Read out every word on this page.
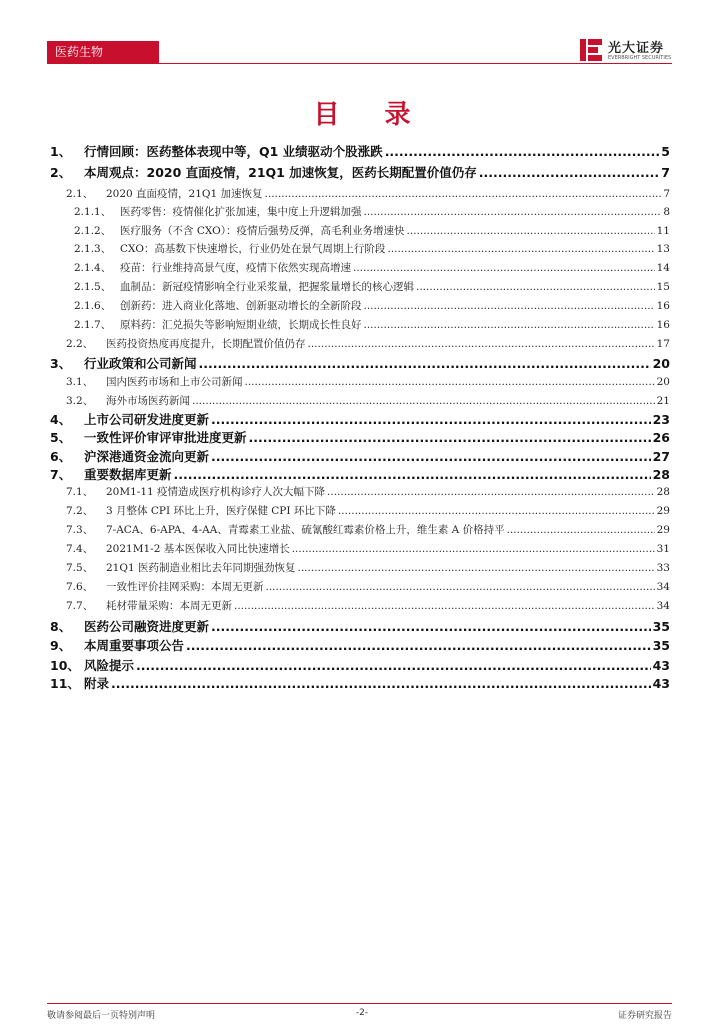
医药生物	光大证券
EVERBRIGHT SECURITIES
目 录
1、	行情回顾：医药整体表现中等，Q1 业绩驱动个股涨跌 .....	5
2、	本周观点：2020 直面疫情，21Q1 加速恢复，医药长期配置价值仍存 .....	7
2.1、	2020 直面疫情，21Q1 加速恢复 .....	7
2.1.1、 医药零售：疫情催化扩张加速，集中度上升逻辑加强 .....	8
2.1.2、 医疗服务（不含 CXO）：疫情后强势反弹，高毛利业务增速快 .....	11
2.1.3、 CXO：高基数下快速增长，行业仍处在景气周期上行阶段 .....	13
2.1.4、 疫苗：行业维持高景气度，疫情下依然实现高增速 .....	14
2.1.5、 血制品：新冠疫情影响全行业采浆量，把握浆量增长的核心逻辑 .....	15
2.1.6、 创新药：进入商业化落地、创新驱动增长的全新阶段 .....	16
2.1.7、 原料药：汇兑损失等影响短期业绩，长期成长性良好 .....	16
2.2、	医药投资热度再度提升，长期配置价值仍存 .....	17
3、	行业政策和公司新闻 .....	20
3.1、	国内医药市场和上市公司新闻 .....	20
3.2、	海外市场医药新闻 .....	21
4、	上市公司研发进度更新 .....	23
5、	一致性评价审评审批进度更新 .....	26
6、	沪深港通资金流向更新 .....	27
7、	重要数据库更新 .....	28
7.1、	20M1-11 疫情造成医疗机构诊疗人次大幅下降 .....	28
7.2、	3 月整体 CPI 环比上升，医疗保健 CPI 环比下降 .....	29
7.3、	7-ACA、6-APA、4-AA、青霉素工业盐、硫氰酸红霉素价格上升，维生素 A 价格持平 .....	29
7.4、	2021M1-2 基本医保收入同比快速增长 .....	31
7.5、	21Q1 医药制造业相比去年同期强劲恢复 .....	33
7.6、	一致性评价挂网采购：本周无更新 .....	34
7.7、	耗材带量采购：本周无更新 .....	34
8、	医药公司融资进度更新 .....	35
9、	本周重要事项公告 .....	35
10、 风险提示 .....	43
11、 附录 .....	43
敬请参阅最后一页特别声明	-2-	证券研究报告
